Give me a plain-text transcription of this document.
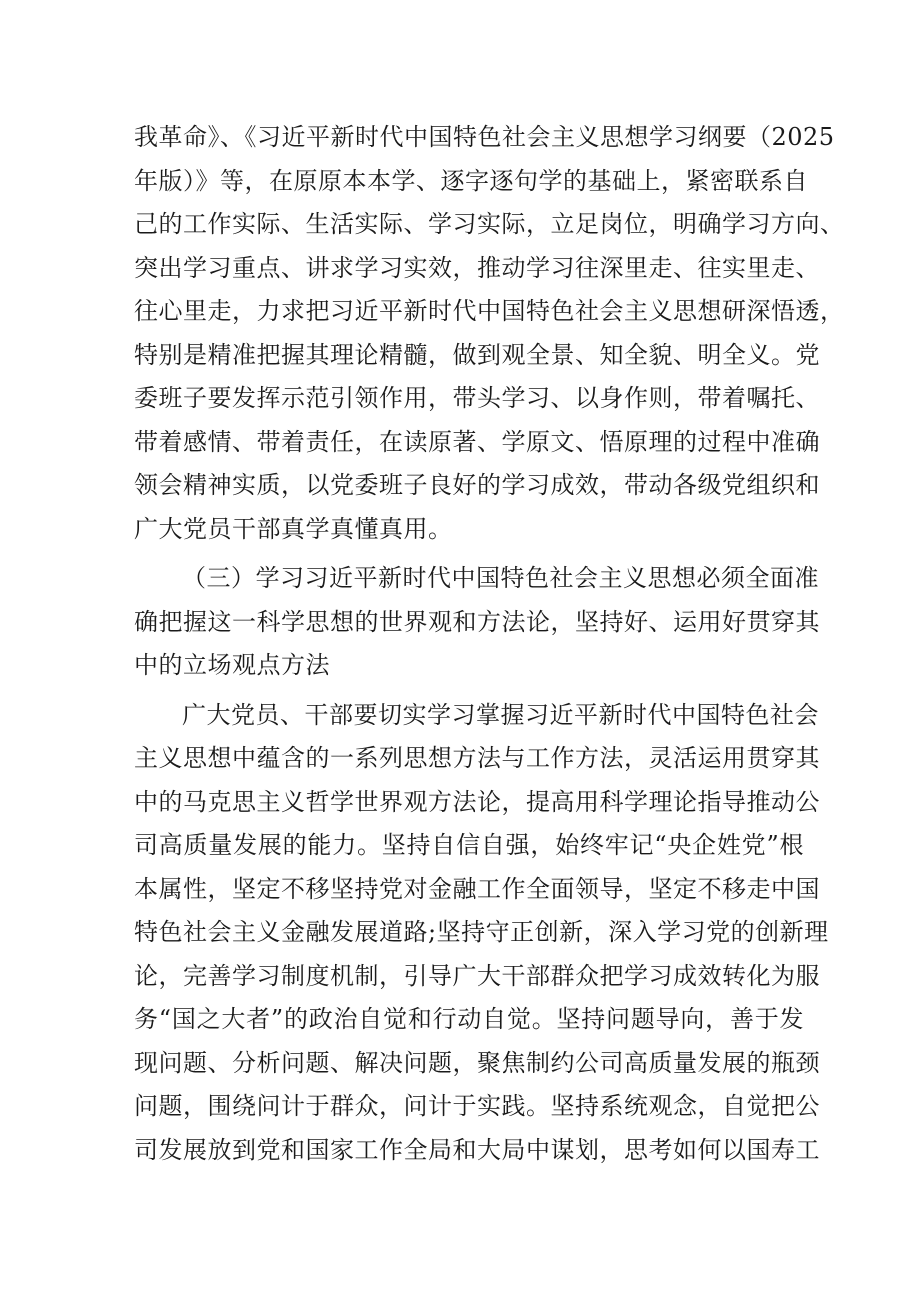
我革命》、《习近平新时代中国特色社会主义思想学习纲要（2025
年版）》等，在原原本本学、逐字逐句学的基础上，紧密联系自
己的工作实际、生活实际、学习实际，立足岗位，明确学习方向、
突出学习重点、讲求学习实效，推动学习往深里走、往实里走、
往心里走，力求把习近平新时代中国特色社会主义思想研深悟透，
特别是精准把握其理论精髓，做到观全景、知全貌、明全义。党
委班子要发挥示范引领作用，带头学习、以身作则，带着嘱托、
带着感情、带着责任，在读原著、学原文、悟原理的过程中准确
领会精神实质，以党委班子良好的学习成效，带动各级党组织和
广大党员干部真学真懂真用。
（三）学习习近平新时代中国特色社会主义思想必须全面准
确把握这一科学思想的世界观和方法论，坚持好、运用好贯穿其
中的立场观点方法
广大党员、干部要切实学习掌握习近平新时代中国特色社会
主义思想中蕴含的一系列思想方法与工作方法，灵活运用贯穿其
中的马克思主义哲学世界观方法论，提高用科学理论指导推动公
司高质量发展的能力。坚持自信自强，始终牢记“央企姓党”根
本属性，坚定不移坚持党对金融工作全面领导，坚定不移走中国
特色社会主义金融发展道路;坚持守正创新，深入学习党的创新理
论，完善学习制度机制，引导广大干部群众把学习成效转化为服
务“国之大者”的政治自觉和行动自觉。坚持问题导向，善于发
现问题、分析问题、解决问题，聚焦制约公司高质量发展的瓶颈
问题，围绕问计于群众，问计于实践。坚持系统观念，自觉把公
司发展放到党和国家工作全局和大局中谋划，思考如何以国寿工
